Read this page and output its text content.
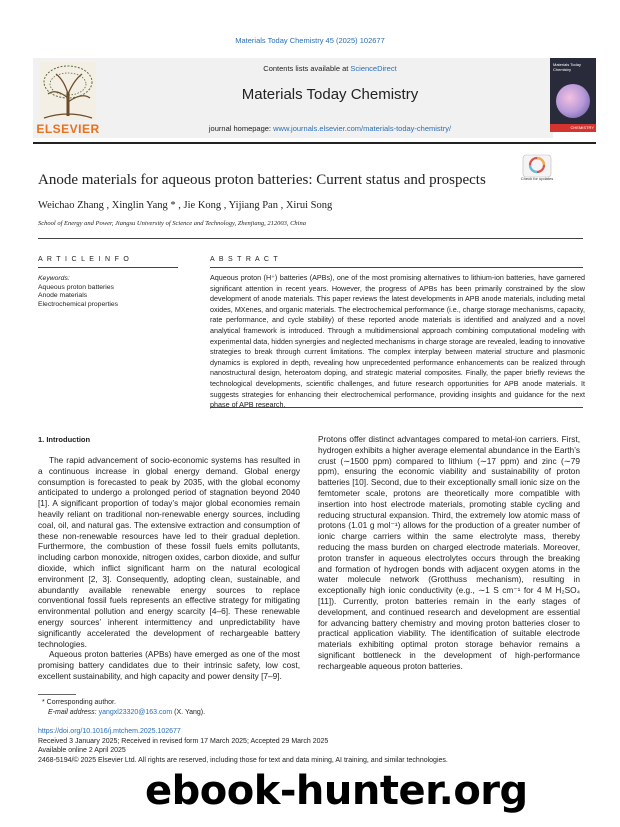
Materials Today Chemistry 45 (2025) 102677
ELSEVIER
Contents lists available at ScienceDirect
Materials Today Chemistry
journal homepage: www.journals.elsevier.com/materials-today-chemistry/
Materials Today Chemistry
CHEMISTRY
Anode materials for aqueous proton batteries: Current status and prospects	Check for updates
Weichao Zhang , Xinglin Yang * , Jie Kong , Yijiang Pan , Xirui Song
School of Energy and Power, Jiangsu University of Science and Technology, Zhenjiang, 212003, China
A R T I C L E I N F O
Keywords:
Aqueous proton batteries
Anode materials
Electrochemical properties
A B S T R A C T
Aqueous proton (H⁺) batteries (APBs), one of the most promising alternatives to lithium-ion batteries, have garnered significant attention in recent years. However, the progress of APBs has been primarily constrained by the slow development of anode materials. This paper reviews the latest developments in APB anode materials, including metal oxides, MXenes, and organic materials. The electrochemical performance (i.e., charge storage mechanisms, capacity, rate performance, and cycle stability) of these reported anode materials is identified and analyzed and a novel analytical framework is introduced. Through a multidimensional approach combining computational modeling with experimental data, hidden synergies and neglected mechanisms in charge storage are revealed, leading to innovative strategies to break through current limitations. The complex interplay between material structure and plasmonic dynamics is explored in depth, revealing how unprecedented performance enhancements can be realized through nanostructural design, heteroatom doping, and strategic material composites. Finally, the paper briefly reviews the technological developments, scientific challenges, and future research opportunities for APB anode materials. It suggests strategies for enhancing their electrochemical performance, providing insights and guidance for the next phase of APB research.
1. Introduction

The rapid advancement of socio-economic systems has resulted in a continuous increase in global energy demand. Global energy consumption is forecasted to peak by 2035, with the global economy anticipated to undergo a prolonged period of stagnation beyond 2040 [1]. A significant proportion of today’s major global economies remain heavily reliant on traditional non-renewable energy sources, including coal, oil, and natural gas. The extensive extraction and consumption of these non-renewable resources have led to their gradual depletion. Furthermore, the combustion of these fossil fuels emits pollutants, including carbon monoxide, nitrogen oxides, carbon dioxide, and sulfur dioxide, which inflict significant harm on the natural ecological environment [2, 3]. Consequently, adopting clean, sustainable, and abundantly available renewable energy sources to replace conventional fossil fuels represents an effective strategy for mitigating environmental pollution and energy scarcity [4–6]. These renewable energy sources’ inherent intermittency and unpredictability have significantly accelerated the development of rechargeable battery technologies.

Aqueous proton batteries (APBs) have emerged as one of the most promising battery candidates due to their intrinsic safety, low cost, excellent sustainability, and high capacity and power density [7–9].

Protons offer distinct advantages compared to metal-ion carriers. First, hydrogen exhibits a higher average elemental abundance in the Earth’s crust (∼1500 ppm) compared to lithium (∼17 ppm) and zinc (∼79 ppm), ensuring the economic viability and sustainability of proton batteries [10]. Second, due to their exceptionally small ionic size on the femtometer scale, protons are theoretically more compatible with insertion into host electrode materials, promoting stable cycling and reducing structural expansion. Third, the extremely low atomic mass of protons (1.01 g mol⁻¹) allows for the production of a greater number of ionic charge carriers within the same electrolyte mass, thereby reducing the mass burden on charged electrode materials. Moreover, proton transfer in aqueous electrolytes occurs through the breaking and formation of hydrogen bonds with adjacent oxygen atoms in the water molecule network (Grotthuss mechanism), resulting in exceptionally high ionic conductivity (e.g., ∼1 S cm⁻¹ for 4 M H₂SO₄ [11]). Currently, proton batteries remain in the early stages of development, and continued research and development are essential for advancing battery chemistry and moving proton batteries closer to practical application viability. The identification of suitable electrode materials exhibiting optimal proton storage behavior remains a significant bottleneck in the development of high-performance rechargeable aqueous proton batteries.

* Corresponding author.
E-mail address: yangxl23320@163.com (X. Yang).
https://doi.org/10.1016/j.mtchem.2025.102677
Received 3 January 2025; Received in revised form 17 March 2025; Accepted 29 March 2025
Available online 2 April 2025
2468-5194/© 2025 Elsevier Ltd. All rights are reserved, including those for text and data mining, AI training, and similar technologies.
ebook-hunter.org
